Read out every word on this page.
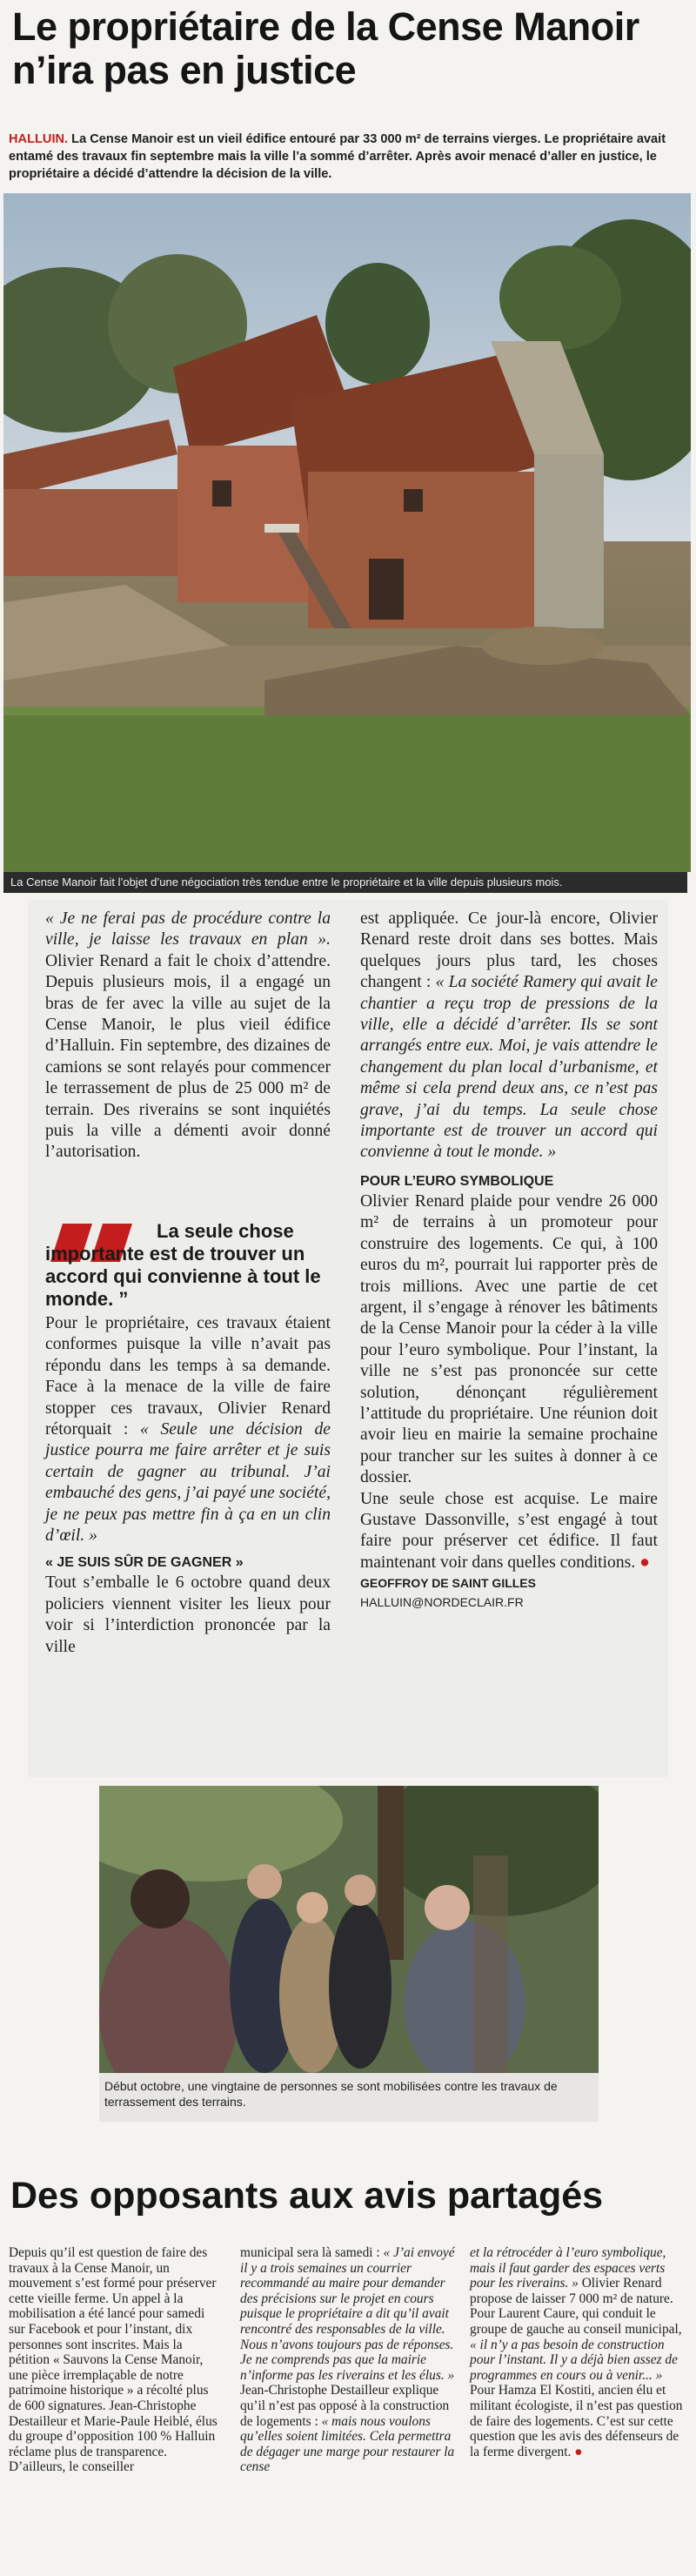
Le propriétaire de la Cense Manoir n’ira pas en justice
HALLUIN. La Cense Manoir est un vieil édifice entouré par 33 000 m² de terrains vierges. Le propriétaire avait entamé des travaux fin septembre mais la ville l’a sommé d’arrêter. Après avoir menacé d’aller en justice, le propriétaire a décidé d’attendre la décision de la ville.
La Cense Manoir fait l’objet d’une négociation très tendue entre le propriétaire et la ville depuis plusieurs mois.

« Je ne ferai pas de procédure contre la ville, je laisse les travaux en plan ». Olivier Renard a fait le choix d’attendre. Depuis plusieurs mois, il a engagé un bras de fer avec la ville au sujet de la Cense Manoir, le plus vieil édifice d’Halluin. Fin septembre, des dizaines de camions se sont relayés pour commencer le terrassement de plus de 25 000 m² de terrain. Des riverains se sont inquiétés puis la ville a démenti avoir donné l’autorisation.

Pour le propriétaire, ces travaux étaient conformes puisque la ville n’avait pas répondu dans les temps à sa demande. Face à la menace de la ville de faire stopper ces travaux, Olivier Renard rétorquait : « Seule une décision de justice pourra me faire arrêter et je suis certain de gagner au tribunal. J’ai embauché des gens, j’ai payé une société, je ne peux pas mettre fin à ça en un clin d’œil. »

« JE SUIS SÛR DE GAGNER »

Tout s’emballe le 6 octobre quand deux policiers viennent visiter les lieux pour voir si l’interdiction prononcée par la ville

La seule chose importante est de trouver un accord qui convienne à tout le monde. ”

est appliquée. Ce jour-là encore, Olivier Renard reste droit dans ses bottes. Mais quelques jours plus tard, les choses changent : « La société Ramery qui avait le chantier a reçu trop de pressions de la ville, elle a décidé d’arrêter. Ils se sont arrangés entre eux. Moi, je vais attendre le changement du plan local d’urbanisme, et même si cela prend deux ans, ce n’est pas grave, j’ai du temps. La seule chose importante est de trouver un accord qui convienne à tout le monde. »

POUR L’EURO SYMBOLIQUE

Olivier Renard plaide pour vendre 26 000 m² de terrains à un promoteur pour construire des logements. Ce qui, à 100 euros du m², pourrait lui rapporter près de trois millions. Avec une partie de cet argent, il s’engage à rénover les bâtiments de la Cense Manoir pour la céder à la ville pour l’euro symbolique. Pour l’instant, la ville ne s’est pas prononcée sur cette solution, dénonçant régulièrement l’attitude du propriétaire. Une réunion doit avoir lieu en mairie la semaine prochaine pour trancher sur les suites à donner à ce dossier.

Une seule chose est acquise. Le maire Gustave Dassonville, s’est engagé à tout faire pour préserver cet édifice. Il faut maintenant voir dans quelles conditions. ●

GEOFFROY DE SAINT GILLES

HALLUIN@NORDECLAIR.FR

Début octobre, une vingtaine de personnes se sont mobilisées contre les travaux de terrassement des terrains.
Des opposants aux avis partagés
Depuis qu’il est question de faire des travaux à la Cense Manoir, un mouvement s’est formé pour préserver cette vieille ferme. Un appel à la mobilisation a été lancé pour samedi sur Facebook et pour l’instant, dix personnes sont inscrites. Mais la pétition « Sauvons la Cense Manoir, une pièce irremplaçable de notre patrimoine historique » a récolté plus de 600 signatures. Jean-Christophe Destailleur et Marie-Paule Heiblé, élus du groupe d’opposition 100 % Halluin réclame plus de transparence. D’ailleurs, le conseiller
municipal sera là samedi : « J’ai envoyé il y a trois semaines un courrier recommandé au maire pour demander des précisions sur le projet en cours puisque le propriétaire a dit qu’il avait rencontré des responsables de la ville. Nous n’avons toujours pas de réponses. Je ne comprends pas que la mairie n’informe pas les riverains et les élus. » Jean-Christophe Destailleur explique qu’il n’est pas opposé à la construction de logements : « mais nous voulons qu’elles soient limitées. Cela permettra de dégager une marge pour restaurer la cense
et la rétrocéder à l’euro symbolique, mais il faut garder des espaces verts pour les riverains. » Olivier Renard propose de laisser 7 000 m² de nature. Pour Laurent Caure, qui conduit le groupe de gauche au conseil municipal, « il n’y a pas besoin de construction pour l’instant. Il y a déjà bien assez de programmes en cours ou à venir... » Pour Hamza El Kostiti, ancien élu et militant écologiste, il n’est pas question de faire des logements. C’est sur cette question que les avis des défenseurs de la ferme divergent. ●
